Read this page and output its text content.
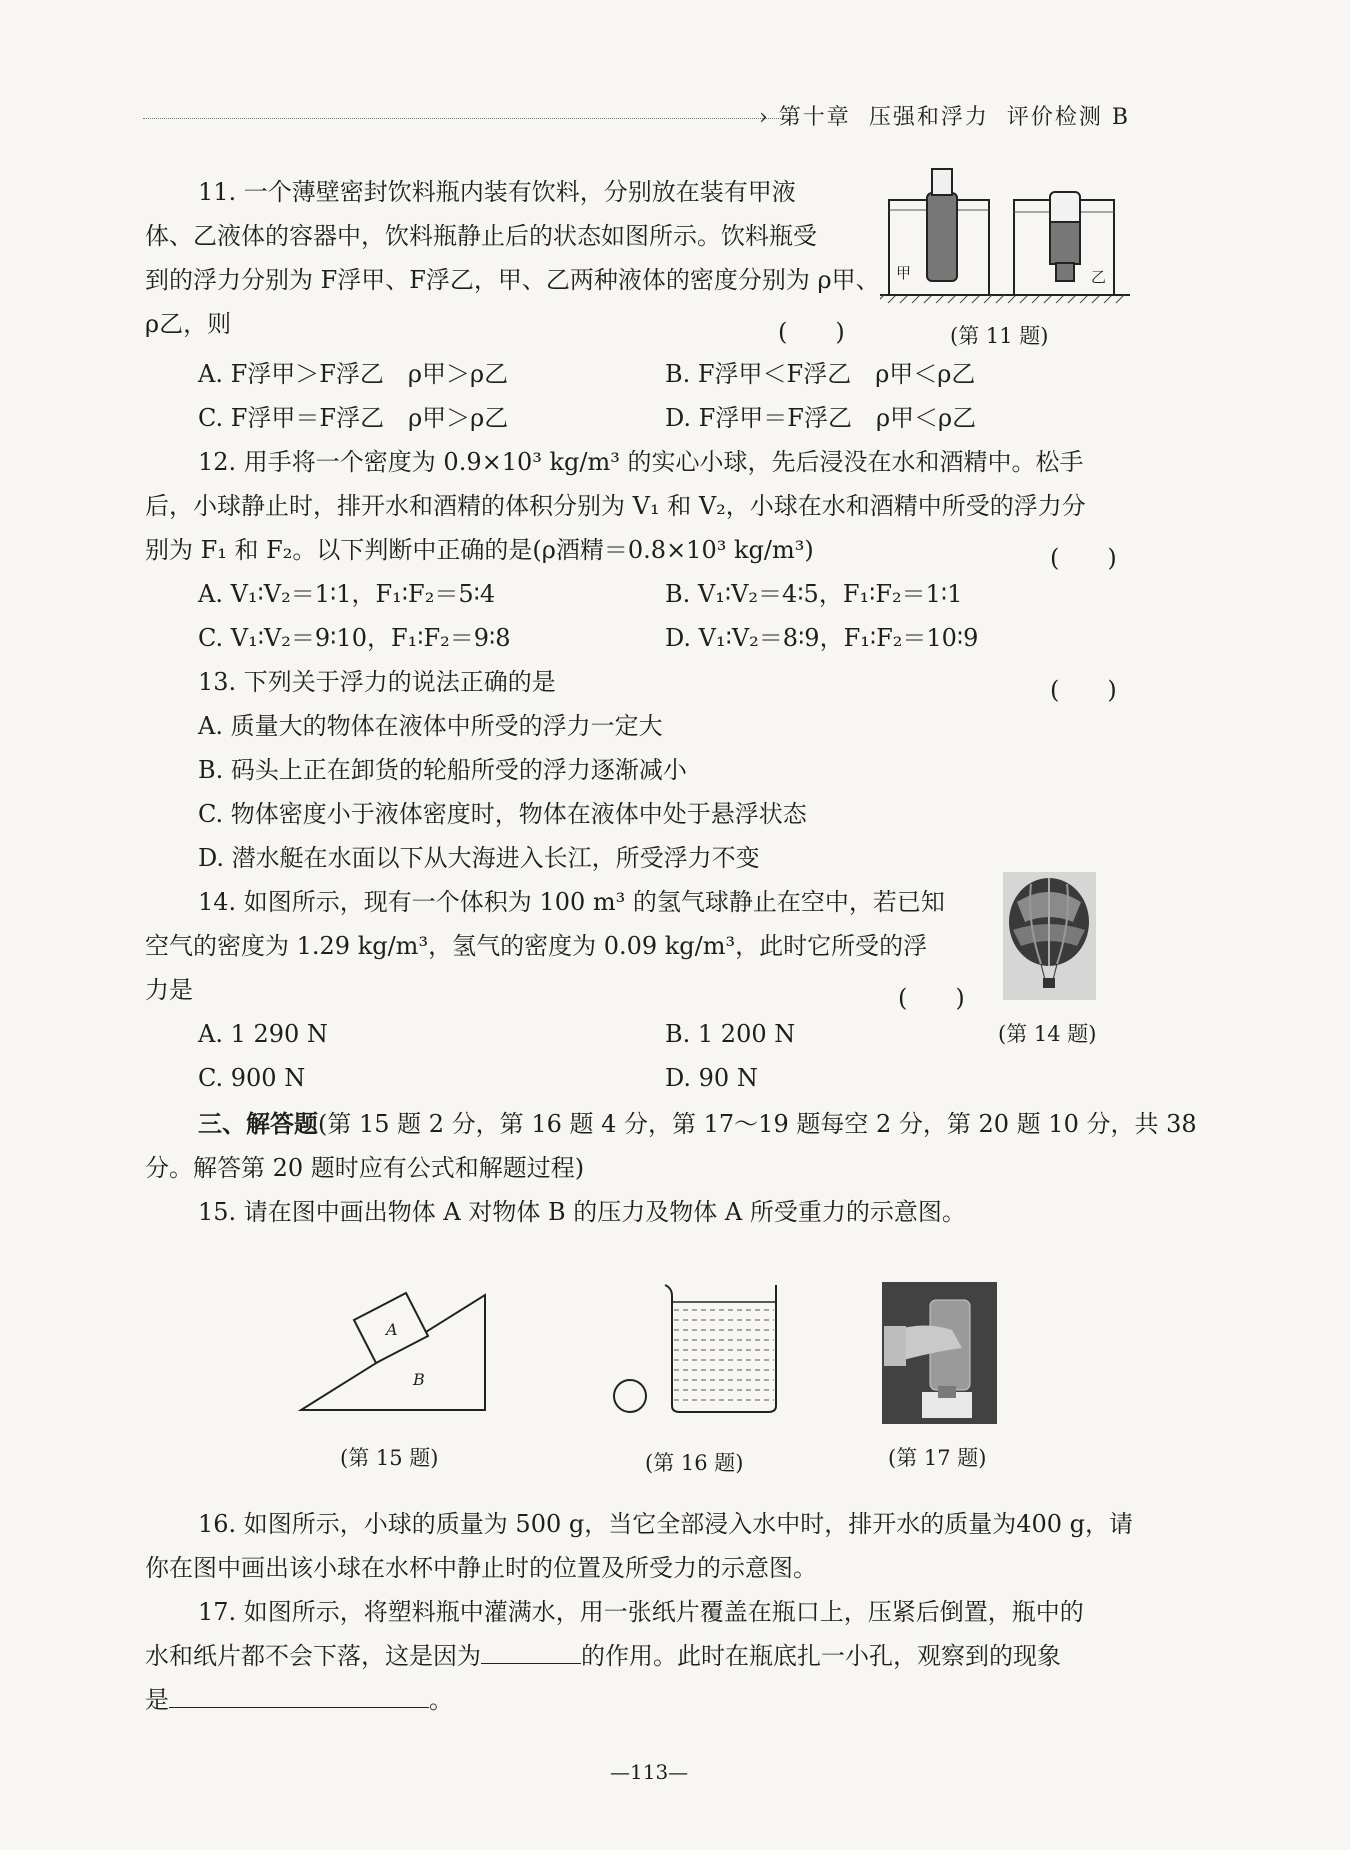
› 第十章 压强和浮力 评价检测 B
11. 一个薄壁密封饮料瓶内装有饮料，分别放在装有甲液
体、乙液体的容器中，饮料瓶静止后的状态如图所示。饮料瓶受
到的浮力分别为 F浮甲、F浮乙，甲、乙两种液体的密度分别为 ρ甲、
ρ乙，则	(　　)
A. F浮甲＞F浮乙　ρ甲＞ρ乙	B. F浮甲＜F浮乙　ρ甲＜ρ乙
C. F浮甲＝F浮乙　ρ甲＞ρ乙	D. F浮甲＝F浮乙　ρ甲＜ρ乙
甲	乙
(第 11 题)
12. 用手将一个密度为 0.9×10³ kg/m³ 的实心小球，先后浸没在水和酒精中。松手
后，小球静止时，排开水和酒精的体积分别为 V₁ 和 V₂，小球在水和酒精中所受的浮力分
别为 F₁ 和 F₂。以下判断中正确的是(ρ酒精＝0.8×10³ kg/m³)	(　　)
A. V₁∶V₂＝1∶1，F₁∶F₂＝5∶4	B. V₁∶V₂＝4∶5，F₁∶F₂＝1∶1
C. V₁∶V₂＝9∶10，F₁∶F₂＝9∶8	D. V₁∶V₂＝8∶9，F₁∶F₂＝10∶9
13. 下列关于浮力的说法正确的是	(　　)
A. 质量大的物体在液体中所受的浮力一定大
B. 码头上正在卸货的轮船所受的浮力逐渐减小
C. 物体密度小于液体密度时，物体在液体中处于悬浮状态
D. 潜水艇在水面以下从大海进入长江，所受浮力不变
14. 如图所示，现有一个体积为 100 m³ 的氢气球静止在空中，若已知
空气的密度为 1.29 kg/m³，氢气的密度为 0.09 kg/m³，此时它所受的浮
力是	(　　)
A. 1 290 N	B. 1 200 N
C. 900 N	D. 90 N
(第 14 题)
三、解答题(第 15 题 2 分，第 16 题 4 分，第 17～19 题每空 2 分，第 20 题 10 分，共 38
分。解答第 20 题时应有公式和解题过程)
15. 请在图中画出物体 A 对物体 B 的压力及物体 A 所受重力的示意图。
A
B
(第 15 题)	(第 16 题)	(第 17 题)
16. 如图所示，小球的质量为 500 g，当它全部浸入水中时，排开水的质量为400 g，请
你在图中画出该小球在水杯中静止时的位置及所受力的示意图。
17. 如图所示，将塑料瓶中灌满水，用一张纸片覆盖在瓶口上，压紧后倒置，瓶中的
水和纸片都不会下落，这是因为	的作用。此时在瓶底扎一小孔，观察到的现象
是	。
—113—
